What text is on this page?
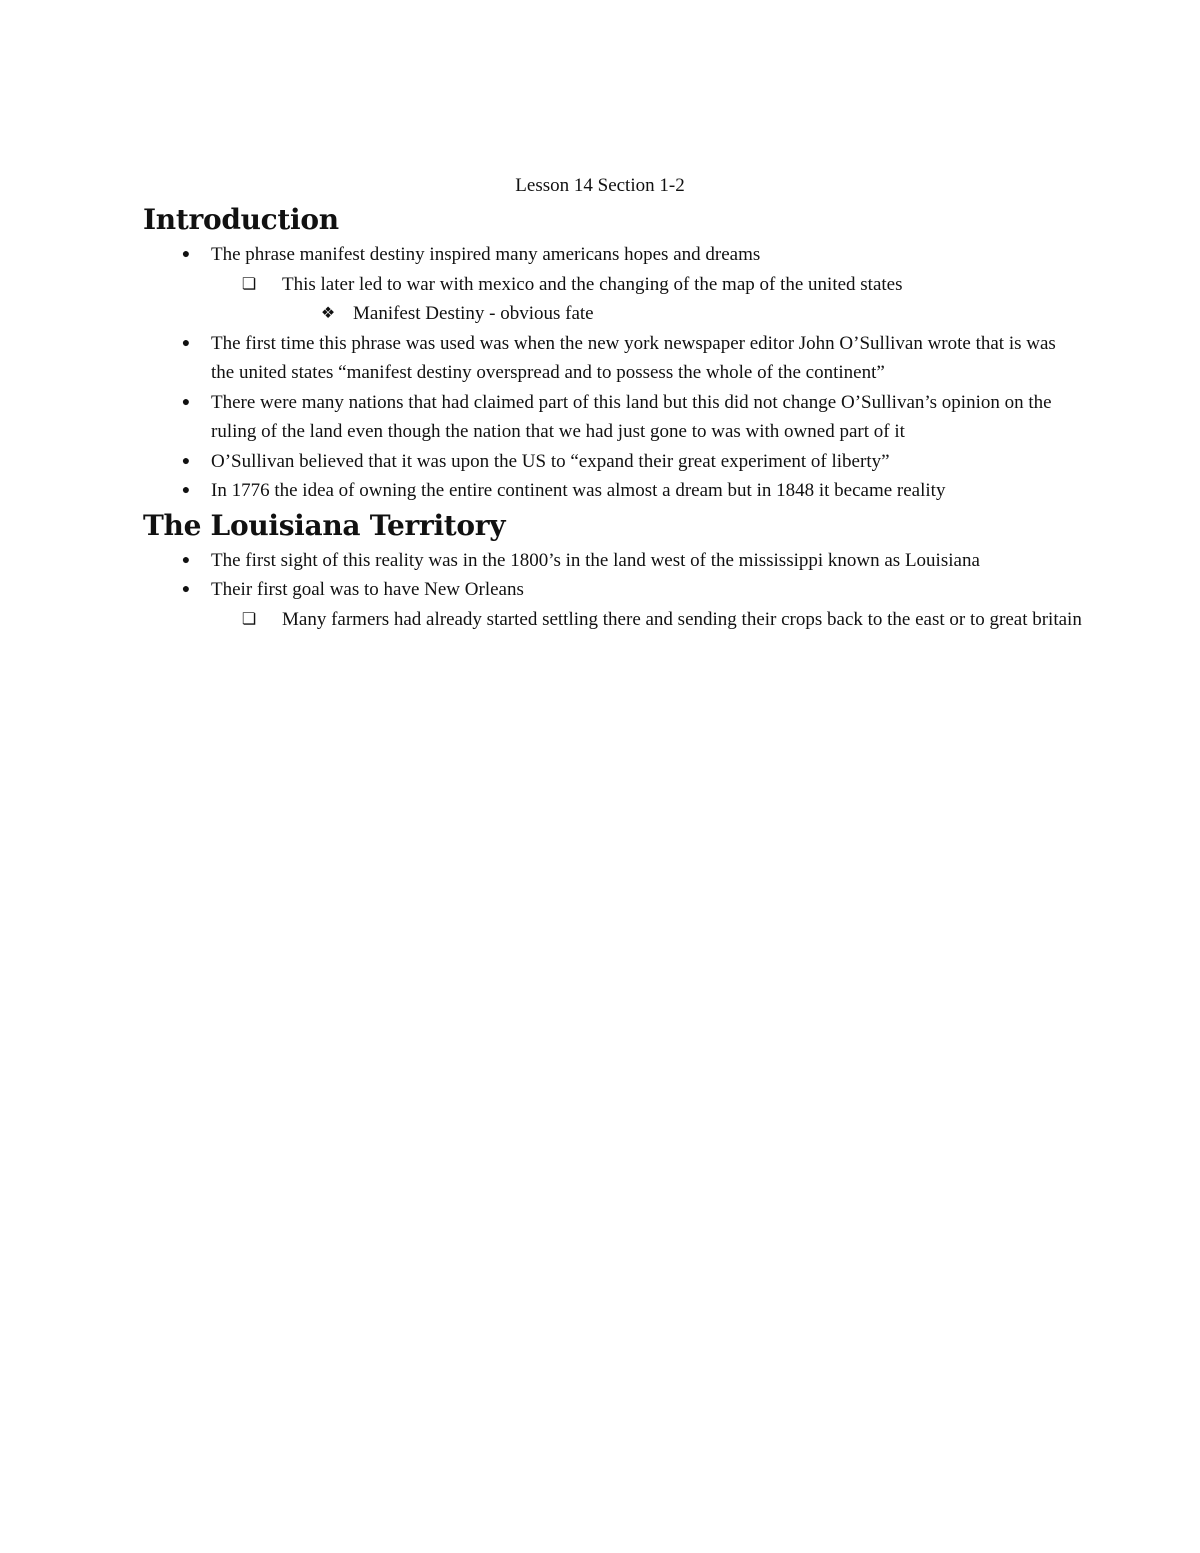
Lesson 14 Section 1-2
Introduction
●	The phrase manifest destiny inspired many americans hopes and dreams
❏ This later led to war with mexico and the changing of the map of the united states
❖ Manifest Destiny - obvious fate
●	The first time this phrase was used was when the new york newspaper editor John O’Sullivan wrote that is was the united states “manifest destiny overspread and to possess the whole of the continent”
●	There were many nations that had claimed part of this land but this did not change O’Sullivan’s opinion on the ruling of the land even though the nation that we had just gone to was with owned part of it
●	O’Sullivan believed that it was upon the US to “expand their great experiment of liberty”
●	In 1776 the idea of owning the entire continent was almost a dream but in 1848 it became reality
The Louisiana Territory
●	The first sight of this reality was in the 1800’s in the land west of the mississippi known as Louisiana
●	Their first goal was to have New Orleans
❏ Many farmers had already started settling there and sending their crops back to the east or to great britain
